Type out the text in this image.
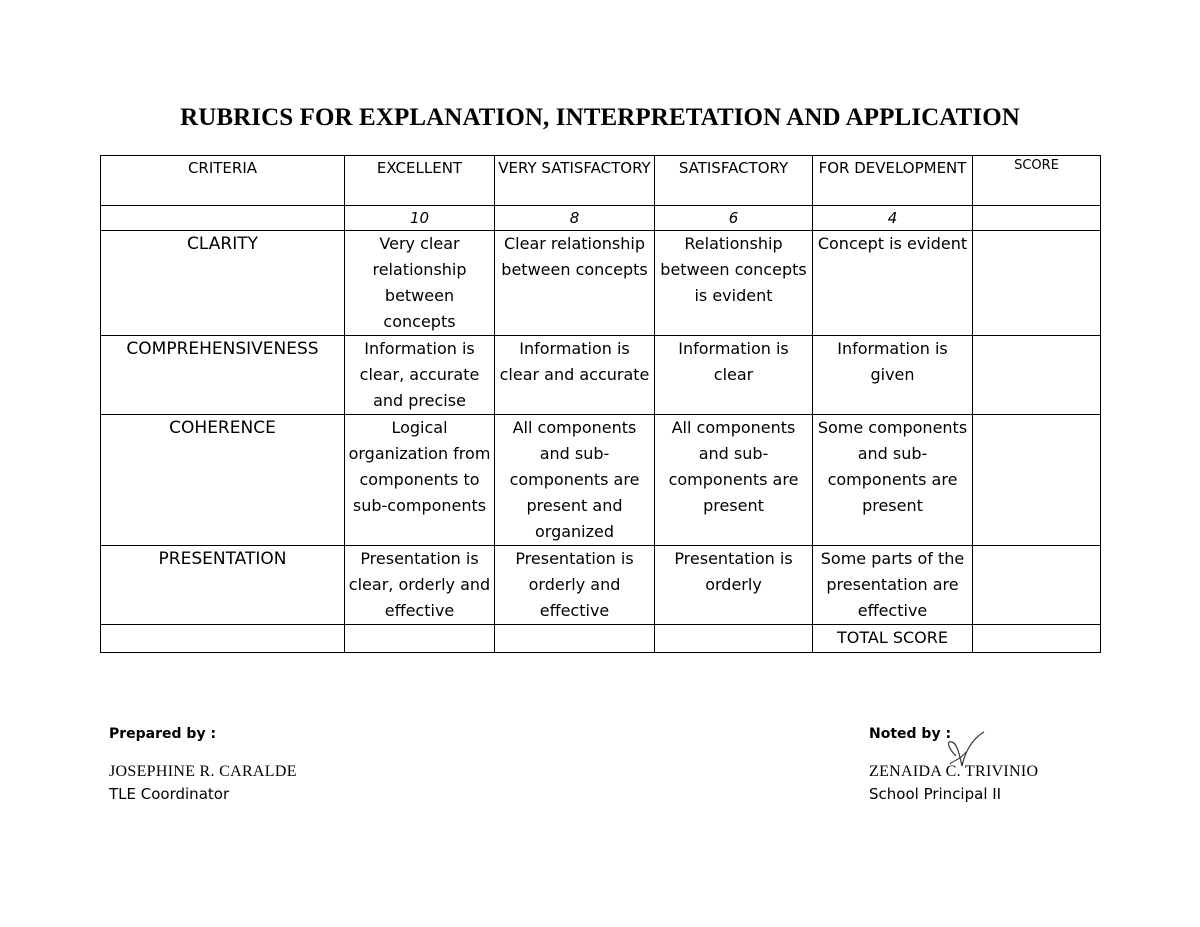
RUBRICS FOR EXPLANATION, INTERPRETATION AND APPLICATION
CRITERIA	EXCELLENT	VERY SATISFACTORY	SATISFACTORY	FOR DEVELOPMENT	SCORE
	10	8	6	4	
CLARITY	Very clear relationship between concepts	Clear relationship between concepts	Relationship between concepts is evident	Concept is evident	
COMPREHENSIVENESS	Information is clear, accurate and precise	Information is clear and accurate	Information is clear	Information is given	
COHERENCE	Logical organization from components to sub-components	All components and sub-components are present and organized	All components and sub-components are present	Some components and sub-components are present	
PRESENTATION	Presentation is clear, orderly and effective	Presentation is orderly and effective	Presentation is orderly	Some parts of the presentation are effective	
				TOTAL SCORE	
Prepared by :
JOSEPHINE R. CARALDE
TLE Coordinator
Noted by :
ZENAIDA C. TRIVINIO
School Principal II
